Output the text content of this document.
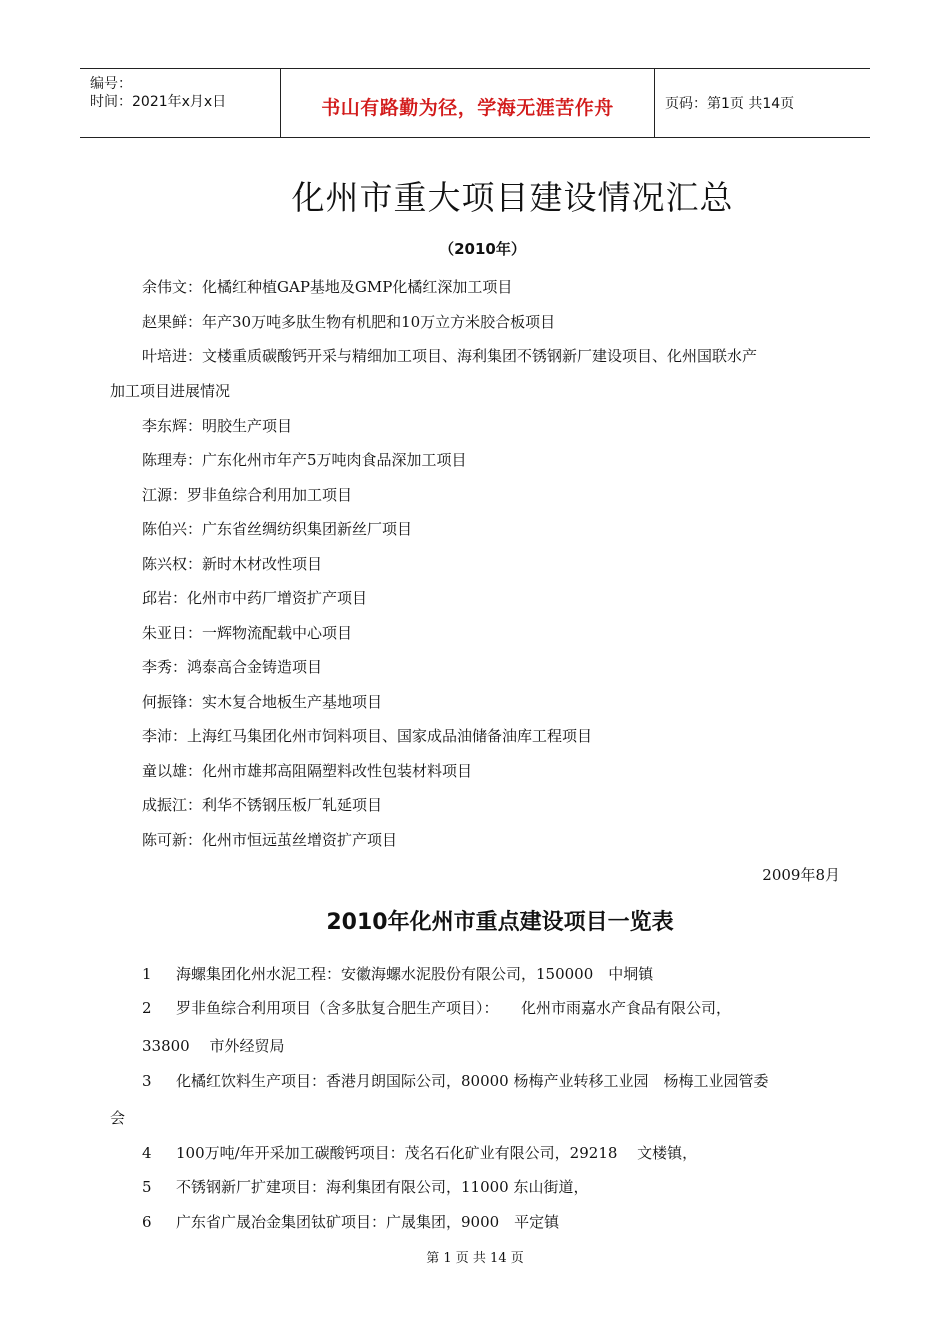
编号：
时间：2021年x月x日	书山有路勤为径，学海无涯苦作舟	页码：第1页 共14页
化州市重大项目建设情况汇总
（2010年）
余伟文：化橘红种植GAP基地及GMP化橘红深加工项目
赵果鲜：年产30万吨多肽生物有机肥和10万立方米胶合板项目
叶培进：文楼重质碳酸钙开采与精细加工项目、海利集团不锈钢新厂建设项目、化州国联水产
加工项目进展情况
李东辉：明胶生产项目
陈理寿：广东化州市年产5万吨肉食品深加工项目
江源：罗非鱼综合利用加工项目
陈伯兴：广东省丝绸纺织集团新丝厂项目
陈兴权：新时木材改性项目
邱岩：化州市中药厂增资扩产项目
朱亚日：一辉物流配载中心项目
李秀：鸿泰高合金铸造项目
何振锋：实木复合地板生产基地项目
李沛：上海红马集团化州市饲料项目、国家成品油储备油库工程项目
童以雄：化州市雄邦高阻隔塑料改性包装材料项目
成振江：利华不锈钢压板厂轧延项目
陈可新：化州市恒远茧丝增资扩产项目
2009年8月
2010年化州市重点建设项目一览表
1 海螺集团化州水泥工程：安徽海螺水泥股份有限公司，150000　中垌镇
2 罗非鱼综合利用项目（含多肽复合肥生产项目）：　　化州市雨嘉水产食品有限公司，
33800　 市外经贸局
3 化橘红饮料生产项目：香港月朗国际公司，80000 杨梅产业转移工业园　杨梅工业园管委
会
4 100万吨/年开采加工碳酸钙项目：茂名石化矿业有限公司，29218　 文楼镇，
5 不锈钢新厂扩建项目：海利集团有限公司，11000 东山街道，
6 广东省广晟冶金集团钛矿项目：广晟集团，9000　平定镇
第 1 页 共 14 页
